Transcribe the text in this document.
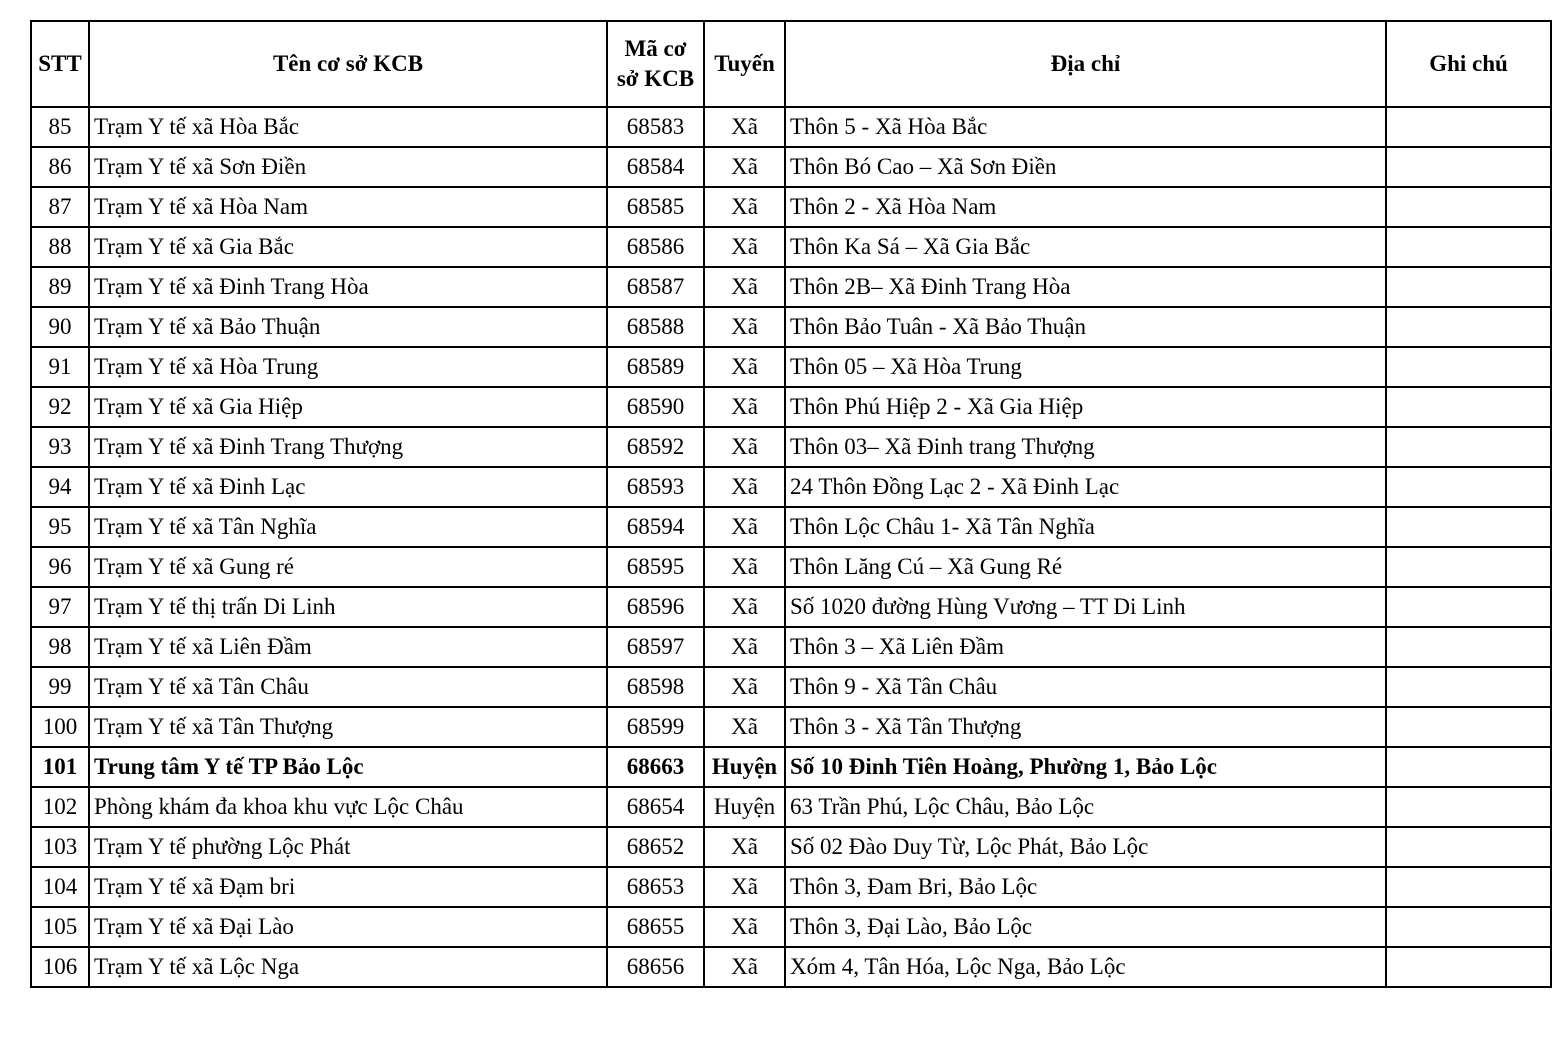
STT	Tên cơ sở KCB	Mã cơ sở KCB	Tuyến	Địa chỉ	Ghi chú
85	Trạm Y tế xã Hòa Bắc	68583	Xã	Thôn 5 - Xã Hòa Bắc	
86	Trạm Y tế xã Sơn Điền	68584	Xã	Thôn Bó Cao – Xã Sơn Điền	
87	Trạm Y tế xã Hòa Nam	68585	Xã	Thôn 2 - Xã Hòa Nam	
88	Trạm Y tế xã Gia Bắc	68586	Xã	Thôn Ka Sá – Xã Gia Bắc	
89	Trạm Y tế xã Đinh Trang Hòa	68587	Xã	Thôn 2B– Xã Đinh Trang Hòa	
90	Trạm Y tế xã Bảo Thuận	68588	Xã	Thôn Bảo Tuân - Xã Bảo Thuận	
91	Trạm Y tế xã Hòa Trung	68589	Xã	Thôn 05 – Xã Hòa Trung	
92	Trạm Y tế xã Gia Hiệp	68590	Xã	Thôn Phú Hiệp 2 - Xã Gia Hiệp	
93	Trạm Y tế xã Đinh Trang Thượng	68592	Xã	Thôn 03– Xã Đinh trang Thượng	
94	Trạm Y tế xã Đinh Lạc	68593	Xã	24 Thôn Đồng Lạc 2 - Xã Đinh Lạc	
95	Trạm Y tế xã Tân Nghĩa	68594	Xã	Thôn Lộc Châu 1- Xã Tân Nghĩa	
96	Trạm Y tế xã Gung ré	68595	Xã	Thôn Lăng Cú – Xã Gung Ré	
97	Trạm Y tế thị trấn Di Linh	68596	Xã	Số 1020 đường Hùng Vương – TT Di Linh	
98	Trạm Y tế xã Liên Đầm	68597	Xã	Thôn 3 – Xã Liên Đầm	
99	Trạm Y tế xã Tân Châu	68598	Xã	Thôn 9 - Xã Tân Châu	
100	Trạm Y tế xã Tân Thượng	68599	Xã	Thôn 3 - Xã Tân Thượng	
101	Trung tâm Y tế TP Bảo Lộc	68663	Huyện	Số 10 Đinh Tiên Hoàng, Phường 1, Bảo Lộc	
102	Phòng khám đa khoa khu vực Lộc Châu	68654	Huyện	63 Trần Phú, Lộc Châu, Bảo Lộc	
103	Trạm Y tế phường Lộc Phát	68652	Xã	Số 02 Đào Duy Từ, Lộc Phát, Bảo Lộc	
104	Trạm Y tế xã Đạm bri	68653	Xã	Thôn 3, Đam Bri, Bảo Lộc	
105	Trạm Y tế xã Đại Lào	68655	Xã	Thôn 3, Đại Lào, Bảo Lộc	
106	Trạm Y tế xã Lộc Nga	68656	Xã	Xóm 4, Tân Hóa, Lộc Nga, Bảo Lộc	
